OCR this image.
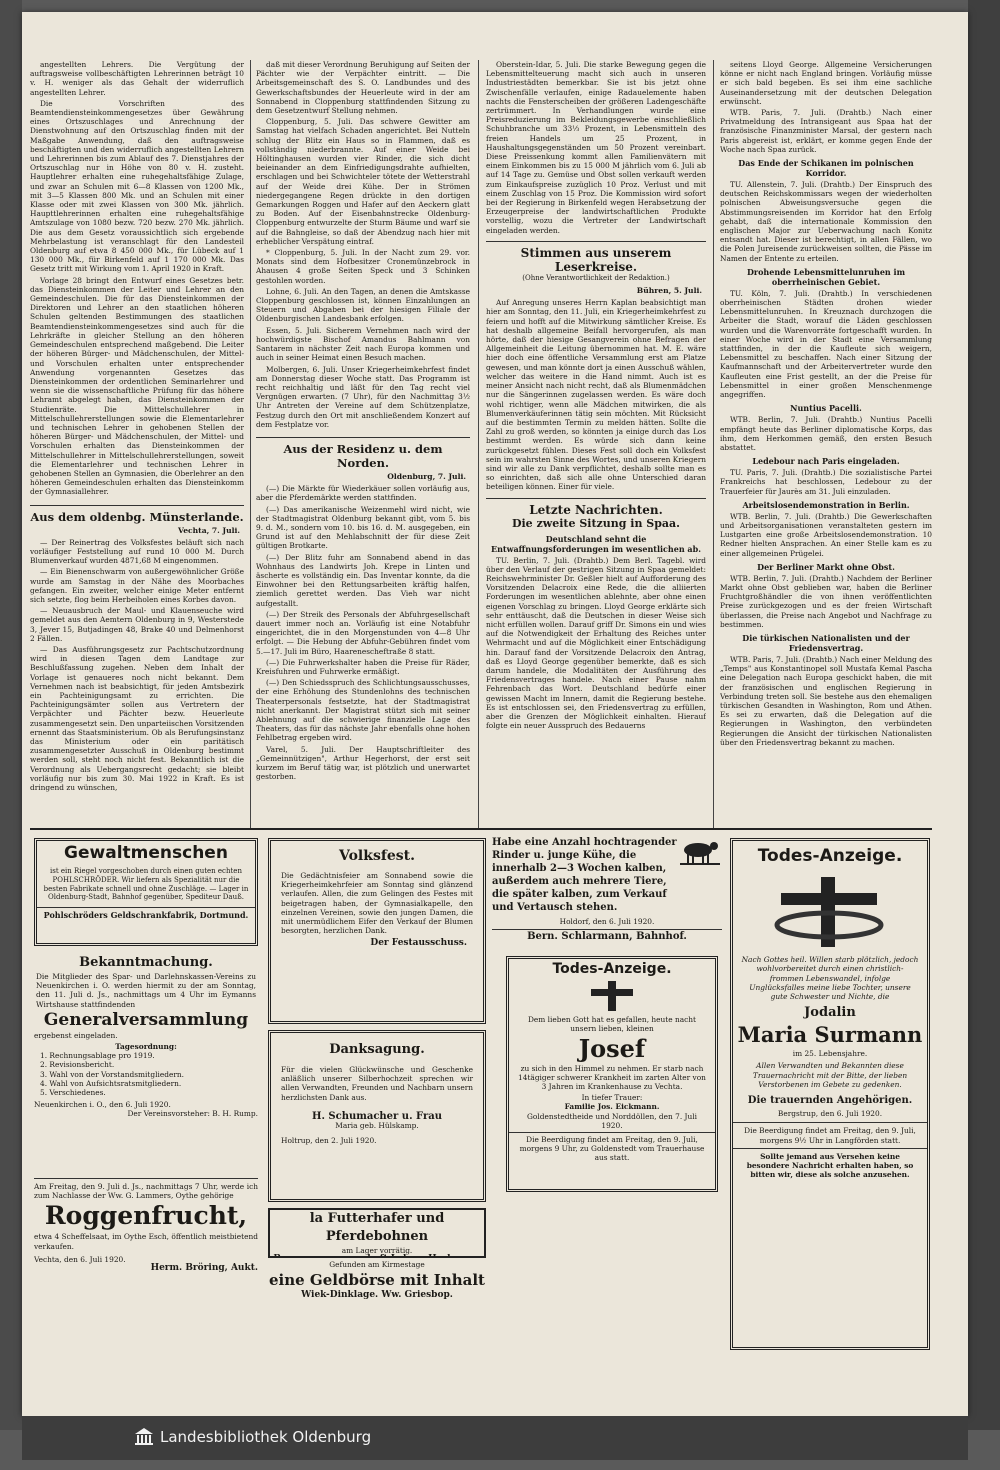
angestellten Lehrers. Die Vergütung der auftragsweise vollbeschäftigten Lehrerinnen beträgt 10 v. H. weniger als das Gehalt der widerruflich angestellten Lehrer.

Die Vorschriften des Beamtendiensteinkommengesetzes über Gewährung eines Ortszuschlages und Anrechnung der Dienstwohnung auf den Ortszuschlag finden mit der Maßgabe Anwendung, daß den auftragsweise beschäftigten und den widerruflich angestellten Lehrern und Lehrerinnen bis zum Ablauf des 7. Dienstjahres der Ortszuschlag nur in Höhe von 80 v. H. zusteht. Hauptlehrer erhalten eine ruhegehaltsfähige Zulage, und zwar an Schulen mit 6—8 Klassen von 1200 Mk., mit 3—5 Klassen 800 Mk. und an Schulen mit einer Klasse oder mit zwei Klassen von 300 Mk. jährlich. Haupttlehrerinnen erhalten eine ruhegehaltsfähige Amtszulage von 1080 bezw. 720 bezw. 270 Mk. jährlich. Die aus dem Gesetz voraussichtlich sich ergebende Mehrbelastung ist veranschlagt für den Landesteil Oldenburg auf etwa 8 450 000 Mk., für Lübeck auf 1 130 000 Mk., für Birkenfeld auf 1 170 000 Mk. Das Gesetz tritt mit Wirkung vom 1. April 1920 in Kraft.

Vorlage 28 bringt den Entwurf eines Gesetzes betr. das Diensteinkommen der Leiter und Lehrer an den Gemeindeschulen. Die für das Diensteinkommen der Direktoren und Lehrer an den staatlichen höheren Schulen geltenden Bestimmungen des staatlichen Beamtendiensteinkommengesetzes sind auch für die Lehrkräfte in gleicher Stellung an den höheren Gemeindeschulen entsprechend maßgebend. Die Leiter der höheren Bürger- und Mädchenschulen, der Mittel- und Vorschulen erhalten unter entsprechender Anwendung vorgenannten Gesetzes das Diensteinkommen der ordentlichen Seminarlehrer und wenn sie die wissenschaftliche Prüfung für das höhere Lehramt abgelegt haben, das Diensteinkommen der Studienräte. Die Mittelschullehrer in Mittelschullehrerstellungen sowie die Elementarlehrer und technischen Lehrer in gehobenen Stellen der höheren Bürger- und Mädchenschulen, der Mittel- und Vorschulen erhalten das Diensteinkommen der Mittelschullehrer in Mittelschullehrerstellungen, soweit die Elementarlehrer und technischen Lehrer in gehobenen Stellen an Gymnasien, die Oberlehrer an den höheren Gemeindeschulen erhalten das Diensteinkomm der Gymnasiallehrer.

Aus dem oldenbg. Münsterlande.
Vechta, 7. Juli.

— Der Reinertrag des Volksfestes beläuft sich nach vorläufiger Feststellung auf rund 10 000 M. Durch Blumenverkauf wurden 4871,68 M eingenommen.

— Ein Bienenschwarm von außergewöhnlicher Größe wurde am Samstag in der Nähe des Moorbaches gefangen. Ein zweiter, welcher einige Meter entfernt sich setzte, flog beim Herbeiholen eines Korbes davon.

— Neuausbruch der Maul- und Klauenseuche wird gemeldet aus den Aemtern Oldenburg in 9, Westerstede 3, Jever 15, Butjadingen 48, Brake 40 und Delmenhorst 2 Fällen.

— Das Ausführungsgesetz zur Pachtschutzordnung wird in diesen Tagen dem Landtage zur Beschlußfassung zugehen. Neben dem Inhalt der Vorlage ist genaueres noch nicht bekannt. Dem Vernehmen nach ist beabsichtigt, für jeden Amtsbezirk ein Pachteinigungsamt zu errichten. Die Pachteinigungsämter sollen aus Vertretern der Verpächter und Pächter bezw. Heuerleute zusammengesetzt sein. Den unparteiischen Vorsitzenden ernennt das Staatsministerium. Ob als Berufungsinstanz das Ministerium oder ein paritätisch zusammengesetzter Ausschuß in Oldenburg bestimmt werden soll, steht noch nicht fest. Bekanntlich ist die Verordnung als Uebergangsrecht gedacht; sie bleibt vorläufig nur bis zum 30. Mai 1922 in Kraft. Es ist dringend zu wünschen,

daß mit dieser Verordnung Beruhigung auf Seiten der Pächter wie der Verpächter eintritt. — Die Arbeitsgemeinschaft des S. O. Landbundes und des Gewerkschaftsbundes der Heuerleute wird in der am Sonnabend in Cloppenburg stattfindenden Sitzung zu dem Gesetzentwurf Stellung nehmen.

Cloppenburg, 5. Juli. Das schwere Gewitter am Samstag hat vielfach Schaden angerichtet. Bei Nutteln schlug der Blitz ein Haus so in Flammen, daß es vollständig niederbrannte. Auf einer Weide bei Höltinghausen wurden vier Rinder, die sich dicht beieinander an dem Einfriedigungsdrahte aufhielten, erschlagen und bei Schwichteler tötete der Wetterstrahl auf der Weide drei Kühe. Der in Strömen niedergegangene Regen drückte in den dortigen Gemarkungen Roggen und Hafer auf den Aeckern glatt zu Boden. Auf der Eisenbahnstrecke Oldenburg-Cloppenburg entwurzelte der Sturm Bäume und warf sie auf die Bahngleise, so daß der Abendzug nach hier mit erheblicher Verspätung eintraf.

* Cloppenburg, 5. Juli. In der Nacht zum 29. vor. Monats sind dem Hofbesitzer Cronemünzebrock in Ahausen 4 große Seiten Speck und 3 Schinken gestohlen worden.

Lohne, 6. Juli. An den Tagen, an denen die Amtskasse Cloppenburg geschlossen ist, können Einzahlungen an Steuern und Abgaben bei der hiesigen Filiale der Oldenburgischen Landesbank erfolgen.

Essen, 5. Juli. Sicherem Vernehmen nach wird der hochwürdigste Bischof Amandus Bahlmann von Santarem in nächster Zeit nach Europa kommen und auch in seiner Heimat einen Besuch machen.

Molbergen, 6. Juli. Unser Kriegerheimkehrfest findet am Donnerstag dieser Woche statt. Das Programm ist recht reichhaltig und läßt für den Tag recht viel Vergnügen erwarten. (7 Uhr), für den Nachmittag 3½ Uhr Antreten der Vereine auf dem Schützenplatze, Festzug durch den Ort mit anschließendem Konzert auf dem Festplatze vor.

Aus der Residenz u. dem Norden.
Oldenburg, 7. Juli.

(—) Die Märkte für Wiederkäuer sollen vorläufig aus, aber die Pferdemärkte werden stattfinden.

(—) Das amerikanische Weizenmehl wird nicht, wie der Stadtmagistrat Oldenburg bekannt gibt, vom 5. bis 9. d. M., sondern vom 10. bis 16. d. M. ausgegeben, ein Grund ist auf den Mehlabschnitt der für diese Zeit gültigen Brotkarte.

(—) Der Blitz fuhr am Sonnabend abend in das Wohnhaus des Landwirts Joh. Krepe in Linten und äscherte es vollständig ein. Das Inventar konnte, da die Einwohner bei den Rettungsarbeiten kräftig halfen, ziemlich gerettet werden. Das Vieh war nicht aufgestallt.

(—) Der Streik des Personals der Abfuhrgesellschaft dauert immer noch an. Vorläufig ist eine Notabfuhr eingerichtet, die in den Morgenstunden von 4—8 Uhr erfolgt. — Die Hebung der Abfuhr-Gebühren findet vom 5.—17. Juli im Büro, Haarenescheftraße 8 statt.

(—) Die Fuhrwerkshalter haben die Preise für Räder, Kreisfuhren und Fuhrwerke ermäßigt.

(—) Den Schiedsspruch des Schlichtungsausschusses, der eine Erhöhung des Stundenlohns des technischen Theaterpersonals festsetzte, hat der Stadtmagistrat nicht anerkannt. Der Magistrat stützt sich mit seiner Ablehnung auf die schwierige finanzielle Lage des Theaters, das für das nächste Jahr ebenfalls ohne hohen Fehlbetrag ergeben wird.

Varel, 5. Juli. Der Hauptschriftleiter des „Gemeinnützigen", Arthur Hegerhorst, der erst seit kurzem im Beruf tätig war, ist plötzlich und unerwartet gestorben.

Oberstein-Idar, 5. Juli. Die starke Bewegung gegen die Lebensmittelteuerung macht sich auch in unseren Industriestädten bemerkbar. Sie ist bis jetzt ohne Zwischenfälle verlaufen, einige Radauelemente haben nachts die Fensterscheiben der größeren Ladengeschäfte zertrümmert. In Verhandlungen wurde eine Preisreduzierung im Bekleidungsgewerbe einschließlich Schuhbranche um 33⅓ Prozent, in Lebensmitteln des freien Handels um 25 Prozent, in Haushaltungsgegenständen um 50 Prozent vereinbart. Diese Preissenkung kommt allen Familienvätern mit einem Einkommen bis zu 15 000 M jährlich vom 6. Juli ab auf 14 Tage zu. Gemüse und Obst sollen verkauft werden zum Einkaufspreise zuzüglich 10 Proz. Verlust und mit einem Zuschlag von 15 Proz. Die Kommission wird sofort bei der Regierung in Birkenfeld wegen Herabsetzung der Erzeugerpreise der landwirtschaftlichen Produkte vorstellig, wozu die Vertreter der Landwirtschaft eingeladen werden.

Stimmen aus unserem Leserkreise.
(Ohne Verantwortlichkeit der Redaktion.)
Bühren, 5. Juli.

Auf Anregung unseres Herrn Kaplan beabsichtigt man hier am Sonntag, den 11. Juli, ein Kriegerheimkehrfest zu feiern und hofft auf die Mitwirkung sämtlicher Kreise. Es hat deshalb allgemeine Beifall hervorgerufen, als man hörte, daß der hiesige Gesangverein ohne Befragen der Allgemeinheit die Leitung übernommen hat. M. E. wäre hier doch eine öffentliche Versammlung erst am Platze gewesen, und man könnte dort ja einen Ausschuß wählen, welcher das weitere in die Hand nimmt. Auch ist es meiner Ansicht nach nicht recht, daß als Blumenmädchen nur die Sängerinnen zugelassen werden. Es wäre doch wohl richtiger, wenn alle Mädchen mitwirken, die als Blumenverkäuferinnen tätig sein möchten. Mit Rücksicht auf die bestimmten Termin zu melden hätten. Sollte die Zahl zu groß werden, so könnten ja einige durch das Los bestimmt werden. Es würde sich dann keine zurückgesetzt fühlen. Dieses Fest soll doch ein Volksfest sein im wahrsten Sinne des Wortes, und unseren Kriegern sind wir alle zu Dank verpflichtet, deshalb sollte man es so einrichten, daß sich alle ohne Unterschied daran beteiligen können. Einer für viele.

Letzte Nachrichten.
Die zweite Sitzung in Spaa.
Deutschland sehnt die Entwaffnungsforderungen im wesentlichen ab.

TU. Berlin, 7. Juli. (Drahtb.) Dem Berl. Tagebl. wird über den Verlauf der gestrigen Sitzung in Spaa gemeldet: Reichswehrminister Dr. Geßler hielt auf Aufforderung des Vorsitzenden Delacroix eine Rede, die die alliierten Forderungen im wesentlichen ablehnte, aber ohne einen eigenen Vorschlag zu bringen. Lloyd George erklärte sich sehr enttäuscht, daß die Deutschen in dieser Weise sich nicht erfüllen wollen. Darauf griff Dr. Simons ein und wies auf die Notwendigkeit der Erhaltung des Reiches unter Wehrmacht und auf die Möglichkeit einer Entschädigung hin. Darauf fand der Vorsitzende Delacroix den Antrag, daß es Lloyd George gegenüber bemerkte, daß es sich darum handele, die Modalitäten der Ausführung des Friedensvertrages handele. Nach einer Pause nahm Fehrenbach das Wort. Deutschland bedürfe einer gewissen Macht im Innern, damit die Regierung bestehe. Es ist entschlossen sei, den Friedensvertrag zu erfüllen, aber die Grenzen der Möglichkeit einhalten. Hierauf folgte ein neuer Ausspruch des Bedauerns

seitens Lloyd George. Allgemeine Versicherungen könne er nicht nach England bringen. Vorläufig müsse er sich bald begeben. Es sei ihm eine sachliche Auseinandersetzung mit der deutschen Delegation erwünscht.

WTB. Paris, 7. Juli. (Drahtb.) Nach einer Privatmeldung des Intransigeant aus Spaa hat der französische Finanzminister Marsal, der gestern nach Paris abgereist ist, erklärt, er komme gegen Ende der Woche nach Spaa zurück.

Das Ende der Schikanen im polnischen Korridor.

TU. Allenstein, 7. Juli. (Drahtb.) Der Einspruch des deutschen Reichskommissars wegen der wiederholten polnischen Abweisungsversuche gegen die Abstimmungsreisenden im Korridor hat den Erfolg gehabt, daß die internationale Kommission den englischen Major zur Ueberwachung nach Konitz entsandt hat. Dieser ist berechtigt, in allen Fällen, wo die Polen Jureisende zurückweisen sollten, die Pässe im Namen der Entente zu erteilen.

Drohende Lebensmittelunruhen im oberrheinischen Gebiet.

TU. Köln, 7. Juli. (Drahtb.) In verschiedenen oberrheinischen Städten drohen wieder Lebensmittelunruhen. In Kreuznach durchzogen die Arbeiter die Stadt, worauf die Läden geschlossen wurden und die Warenvorräte fortgeschafft wurden. In einer Woche wird in der Stadt eine Versammlung stattfinden, in der die Kaufleute sich weigern, Lebensmittel zu beschaffen. Nach einer Sitzung der Kaufmannschaft und der Arbeitervertreter wurde den Kaufleuten eine Frist gestellt, an der die Preise für Lebensmittel in einer großen Menschenmenge angegriffen.

Nuntius Pacelli.

WTB. Berlin, 7. Juli. (Drahtb.) Nuntius Pacelli empfängt heute das Berliner diplomatische Korps, das ihm, dem Herkommen gemäß, den ersten Besuch abstattet.

Ledebour nach Paris eingeladen.

TU. Paris, 7. Juli. (Drahtb.) Die sozialistische Partei Frankreichs hat beschlossen, Ledebour zu der Trauerfeier für Jaurès am 31. Juli einzuladen.

Arbeitslosendemonstration in Berlin.

WTB. Berlin, 7. Juli. (Drahtb.) Die Gewerkschaften und Arbeitsorganisationen veranstalteten gestern im Lustgarten eine große Arbeitslosendemonstration. 10 Redner hielten Ansprachen. An einer Stelle kam es zu einer allgemeinen Prügelei.

Der Berliner Markt ohne Obst.

WTB. Berlin, 7. Juli. (Drahtb.) Nachdem der Berliner Markt ohne Obst geblieben war, haben die Berliner Fruchtgroßhändler die von ihnen veröffentlichten Preise zurückgezogen und es der freien Wirtschaft überlassen, die Preise nach Angebot und Nachfrage zu bestimmen.

Die türkischen Nationalisten und der Friedensvertrag.

WTB. Paris, 7. Juli. (Drahtb.) Nach einer Meldung des „Temps" aus Konstantinopel soll Mustafa Kemal Pascha eine Delegation nach Europa geschickt haben, die mit der französischen und englischen Regierung in Verbindung treten soll. Sie bestehe aus den ehemaligen türkischen Gesandten in Washington, Rom und Athen. Es sei zu erwarten, daß die Delegation auf die Regierungen in Washington, den verbündeten Regierungen die Ansicht der türkischen Nationalisten über den Friedensvertrag bekannt zu machen.

Gewaltmenschen
ist ein Riegel vorgeschoben durch einen guten echten POHLSCHRÖDER. Wir liefern als Spezialität nur die besten Fabrikate schnell und ohne Zuschläge. — Lager in Oldenburg-Stadt, Bahnhof gegenüber, Spediteur Dauß.
Pohlschröders Geldschrankfabrik, Dortmund.
Bekanntmachung.
Die Mitglieder des Spar- und Darlehnskassen-Vereins zu Neuenkirchen i. O. werden hiermit zu der am Sonntag, den 11. Juli d. Js., nachmittags um 4 Uhr im Eymanns Wirtshause stattfindenden
Generalversammlung
ergebenst eingeladen.
Tagesordnung:
1. Rechnungsablage pro 1919.
2. Revisionsbericht.
3. Wahl von der Vorstandsmitgliedern.
4. Wahl von Aufsichtsratsmitgliedern.
5. Verschiedenes.
Neuenkirchen i. O., den 6. Juli 1920.
Der Vereinsvorsteher: B. H. Rump.
Am Freitag, den 9. Juli d. Js., nachmittags 7 Uhr, werde ich zum Nachlasse der Ww. G. Lammers, Oythe gehörige
Roggenfrucht,
etwa 4 Scheffelsaat, im Oythe Esch, öffentlich meistbietend verkaufen.
Vechta, den 6. Juli 1920.
Herm. Bröring, Aukt.
Volksfest.
Die Gedächtnisfeier am Sonnabend sowie die Kriegerheimkehrfeier am Sonntag sind glänzend verlaufen. Allen, die zum Gelingen des Festes mit beigetragen haben, der Gymnasialkapelle, den einzelnen Vereinen, sowie den jungen Damen, die mit unermüdlichem Eifer den Verkauf der Blumen besorgten, herzlichen Dank.
Der Festausschuss.
Danksagung.
Für die vielen Glückwünsche und Geschenke anläßlich unserer Silberhochzeit sprechen wir allen Verwandten, Freunden und Nachbarn unsern herzlichsten Dank aus.
H. Schumacher u. Frau
Maria geb. Hülskamp.
Holtrup, den 2. Juli 1920.
la Futterhafer und Pferdebohnen
am Lager vorrätig.
Gefunden am Kirmestage
eine Geldbörse mit Inhalt
Wiek-Dinklage. Ww. Griesbop.
Habe eine Anzahl hochtragender Rinder u. junge Kühe, die innerhalb 2—3 Wochen kalben, außerdem auch mehrere Tiere, die später kalben, zum Verkauf und Vertausch stehen.
Holdorf, den 6. Juli 1920.
Bern. Schlarmann, Bahnhof.
Todes-Anzeige.
Dem lieben Gott hat es gefallen, heute nacht unsern lieben, kleinen
Josef
zu sich in den Himmel zu nehmen. Er starb nach 14tägiger schwerer Krankheit im zarten Alter von 3 Jahren im Krankenhause zu Vechta.
In tiefer Trauer:
Familie Jos. Eickmann.
Goldenstedtheide und Norddöllen, den 7. Juli 1920.
Die Beerdigung findet am Freitag, den 9. Juli, morgens 9 Uhr, zu Goldenstedt vom Trauerhause aus statt.
Todes-Anzeige.
Nach Gottes heil. Willen starb plötzlich, jedoch wohlvorbereitet durch einen christlich-frommen Lebenswandel, infolge Unglücksfalles meine liebe Tochter, unsere gute Schwester und Nichte, die
Jodalin
Maria Surmann
im 25. Lebensjahre.
Allen Verwandten und Bekannten diese Trauernachricht mit der Bitte, der lieben Verstorbenen im Gebete zu gedenken.
Die trauernden Angehörigen.
Bergstrup, den 6. Juli 1920.
Die Beerdigung findet am Freitag, den 9. Juli, morgens 9½ Uhr in Langförden statt.
Sollte jemand aus Versehen keine besondere Nachricht erhalten haben, so bitten wir, diese als solche anzusehen.
Landesbibliothek Oldenburg
